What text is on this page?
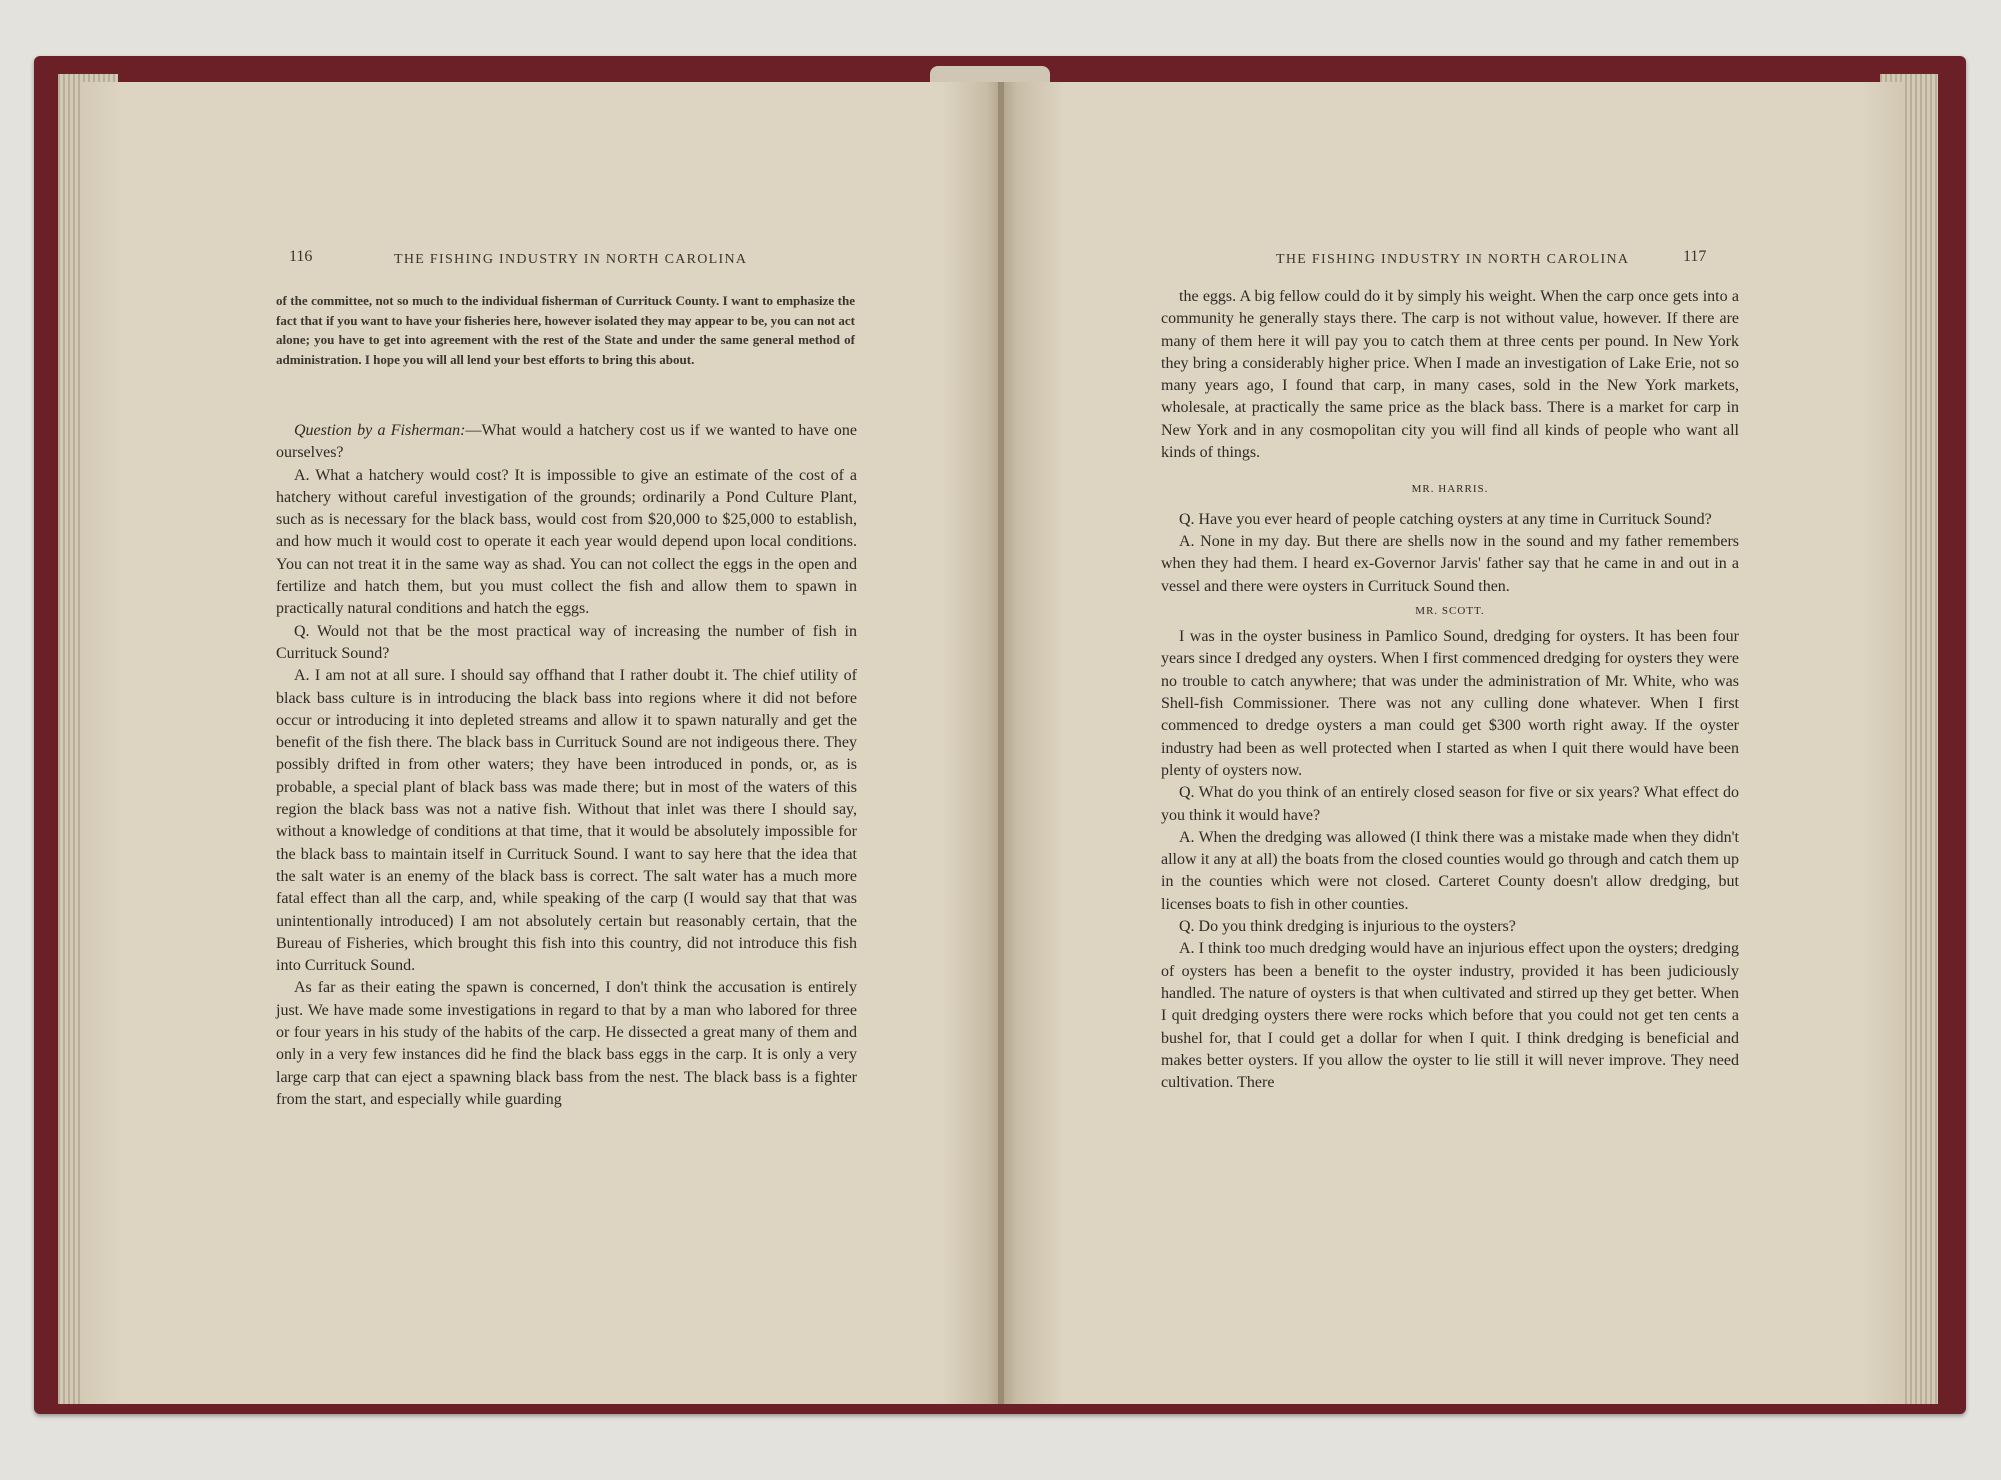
116	THE FISHING INDUSTRY IN NORTH CAROLINA

of the committee, not so much to the individual fisherman of Currituck County. I want to emphasize the fact that if you want to have your fisheries here, however isolated they may appear to be, you can not act alone; you have to get into agreement with the rest of the State and under the same general method of administration. I hope you will all lend your best efforts to bring this about.

Question by a Fisherman:—What would a hatchery cost us if we wanted to have one ourselves?

A. What a hatchery would cost? It is impossible to give an estimate of the cost of a hatchery without careful investigation of the grounds; ordinarily a Pond Culture Plant, such as is necessary for the black bass, would cost from $20,000 to $25,000 to establish, and how much it would cost to operate it each year would depend upon local conditions. You can not treat it in the same way as shad. You can not collect the eggs in the open and fertilize and hatch them, but you must collect the fish and allow them to spawn in practically natural conditions and hatch the eggs.

Q. Would not that be the most practical way of increasing the number of fish in Currituck Sound?

A. I am not at all sure. I should say offhand that I rather doubt it. The chief utility of black bass culture is in introducing the black bass into regions where it did not before occur or introducing it into depleted streams and allow it to spawn naturally and get the benefit of the fish there. The black bass in Currituck Sound are not indigeous there. They possibly drifted in from other waters; they have been introduced in ponds, or, as is probable, a special plant of black bass was made there; but in most of the waters of this region the black bass was not a native fish. Without that inlet was there I should say, without a knowledge of conditions at that time, that it would be absolutely impossible for the black bass to maintain itself in Currituck Sound. I want to say here that the idea that the salt water is an enemy of the black bass is correct. The salt water has a much more fatal effect than all the carp, and, while speaking of the carp (I would say that that was unintentionally introduced) I am not absolutely certain but reasonably certain, that the Bureau of Fisheries, which brought this fish into this country, did not introduce this fish into Currituck Sound.

As far as their eating the spawn is concerned, I don't think the accusation is entirely just. We have made some investigations in regard to that by a man who labored for three or four years in his study of the habits of the carp. He dissected a great many of them and only in a very few instances did he find the black bass eggs in the carp. It is only a very large carp that can eject a spawning black bass from the nest. The black bass is a fighter from the start, and especially while guarding

THE FISHING INDUSTRY IN NORTH CAROLINA	117

the eggs. A big fellow could do it by simply his weight. When the carp once gets into a community he generally stays there. The carp is not without value, however. If there are many of them here it will pay you to catch them at three cents per pound. In New York they bring a considerably higher price. When I made an investigation of Lake Erie, not so many years ago, I found that carp, in many cases, sold in the New York markets, wholesale, at practically the same price as the black bass. There is a market for carp in New York and in any cosmopolitan city you will find all kinds of people who want all kinds of things.

MR. HARRIS.

Q. Have you ever heard of people catching oysters at any time in Currituck Sound?

A. None in my day. But there are shells now in the sound and my father remembers when they had them. I heard ex-Governor Jarvis' father say that he came in and out in a vessel and there were oysters in Currituck Sound then.

MR. SCOTT.

I was in the oyster business in Pamlico Sound, dredging for oysters. It has been four years since I dredged any oysters. When I first commenced dredging for oysters they were no trouble to catch anywhere; that was under the administration of Mr. White, who was Shell-fish Commissioner. There was not any culling done whatever. When I first commenced to dredge oysters a man could get $300 worth right away. If the oyster industry had been as well protected when I started as when I quit there would have been plenty of oysters now.

Q. What do you think of an entirely closed season for five or six years? What effect do you think it would have?

A. When the dredging was allowed (I think there was a mistake made when they didn't allow it any at all) the boats from the closed counties would go through and catch them up in the counties which were not closed. Carteret County doesn't allow dredging, but licenses boats to fish in other counties.

Q. Do you think dredging is injurious to the oysters?

A. I think too much dredging would have an injurious effect upon the oysters; dredging of oysters has been a benefit to the oyster industry, provided it has been judiciously handled. The nature of oysters is that when cultivated and stirred up they get better. When I quit dredging oysters there were rocks which before that you could not get ten cents a bushel for, that I could get a dollar for when I quit. I think dredging is beneficial and makes better oysters. If you allow the oyster to lie still it will never improve. They need cultivation. There
